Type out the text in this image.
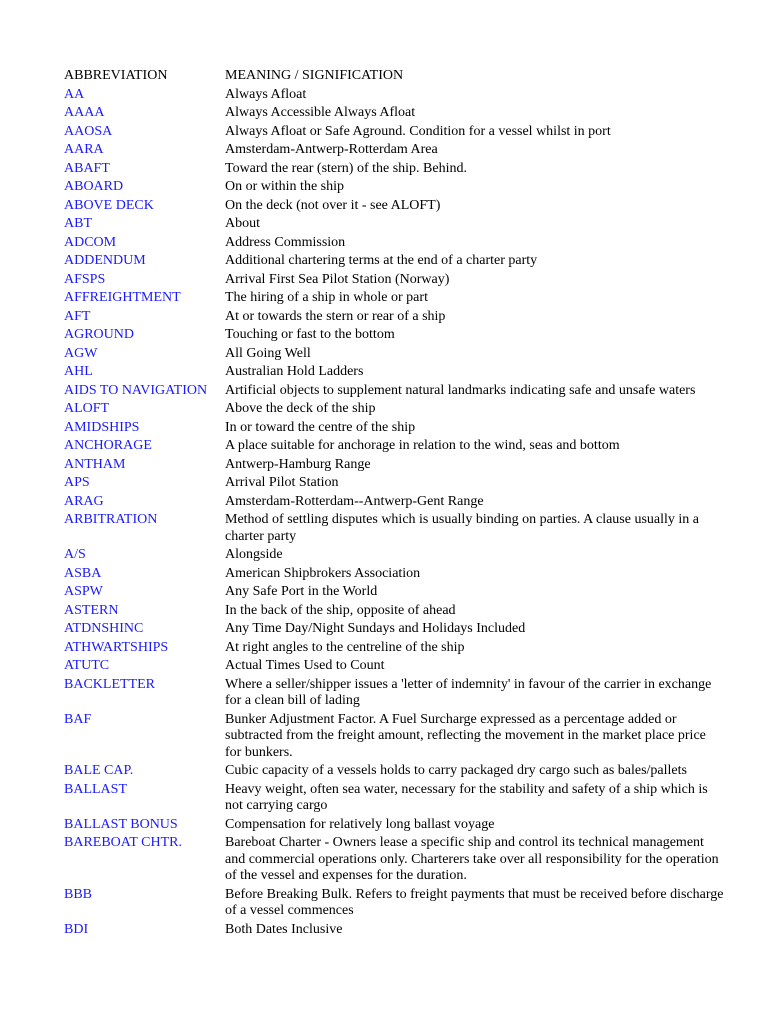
ABBREVIATION	MEANING / SIGNIFICATION
AA	Always Afloat
AAAA	Always Accessible Always Afloat
AAOSA	Always Afloat or Safe Aground. Condition for a vessel whilst in port
AARA	Amsterdam-Antwerp-Rotterdam Area
ABAFT	Toward the rear (stern) of the ship. Behind.
ABOARD	On or within the ship
ABOVE DECK	On the deck (not over it - see ALOFT)
ABT	About
ADCOM	Address Commission
ADDENDUM	Additional chartering terms at the end of a charter party
AFSPS	Arrival First Sea Pilot Station (Norway)
AFFREIGHTMENT	The hiring of a ship in whole or part
AFT	At or towards the stern or rear of a ship
AGROUND	Touching or fast to the bottom
AGW	All Going Well
AHL	Australian Hold Ladders
AIDS TO NAVIGATION	Artificial objects to supplement natural landmarks indicating safe and unsafe waters
ALOFT	Above the deck of the ship
AMIDSHIPS	In or toward the centre of the ship
ANCHORAGE	A place suitable for anchorage in relation to the wind, seas and bottom
ANTHAM	Antwerp-Hamburg Range
APS	Arrival Pilot Station
ARAG	Amsterdam-Rotterdam--Antwerp-Gent Range
ARBITRATION	Method of settling disputes which is usually binding on parties. A clause usually in a charter party
A/S	Alongside
ASBA	American Shipbrokers Association
ASPW	Any Safe Port in the World
ASTERN	In the back of the ship, opposite of ahead
ATDNSHINC	Any Time Day/Night Sundays and Holidays Included
ATHWARTSHIPS	At right angles to the centreline of the ship
ATUTC	Actual Times Used to Count
BACKLETTER	Where a seller/shipper issues a 'letter of indemnity' in favour of the carrier in exchange for a clean bill of lading
BAF	Bunker Adjustment Factor. A Fuel Surcharge expressed as a percentage added or subtracted from the freight amount, reflecting the movement in the market place price for bunkers.
BALE CAP.	Cubic capacity of a vessels holds to carry packaged dry cargo such as bales/pallets
BALLAST	Heavy weight, often sea water, necessary for the stability and safety of a ship which is not carrying cargo
BALLAST BONUS	Compensation for relatively long ballast voyage
BAREBOAT CHTR.	Bareboat Charter - Owners lease a specific ship and control its technical management and commercial operations only. Charterers take over all responsibility for the operation of the vessel and expenses for the duration.
BBB	Before Breaking Bulk. Refers to freight payments that must be received before discharge of a vessel commences
BDI	Both Dates Inclusive
